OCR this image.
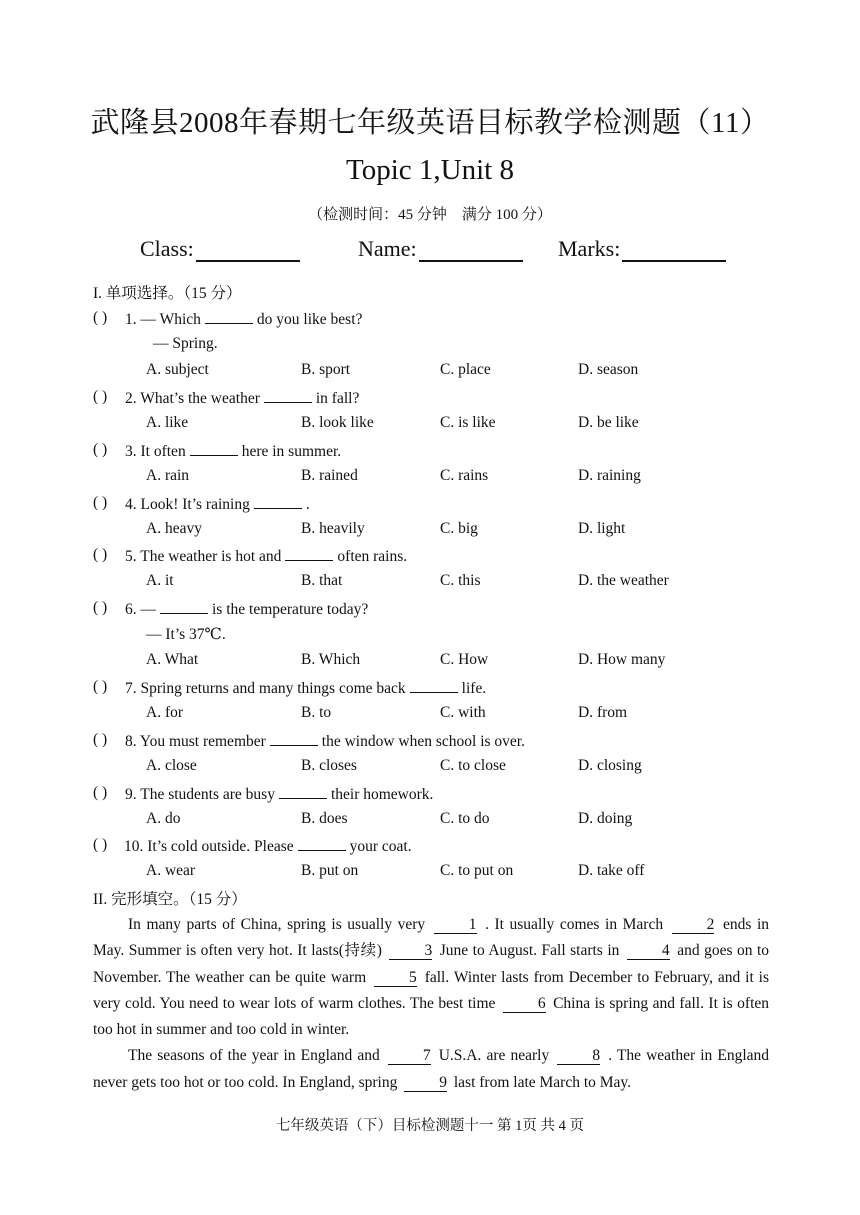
武隆县2008年春期七年级英语目标教学检测题（11）
Topic 1,Unit 8
（检测时间：45 分钟　满分 100 分）
Class:	Name:	Marks:
I. 单项选择。（15 分）
( ) 1. — Which	do you like best?
— Spring.
A. subject	B. sport	C. place	D. season
( ) 2. What’s the weather	in fall?
A. like	B. look like	C. is like	D. be like
( ) 3. It often	here in summer.
A. rain	B. rained	C. rains	D. raining
( ) 4. Look! It’s raining	.
A. heavy	B. heavily	C. big	D. light
( ) 5. The weather is hot and	often rains.
A. it	B. that	C. this	D. the weather
( ) 6. —	is the temperature today?
— It’s 37℃.
A. What	B. Which	C. How	D. How many
( ) 7. Spring returns and many things come back	life.
A. for	B. to	C. with	D. from
( ) 8. You must remember	the window when school is over.
A. close	B. closes	C. to close	D. closing
( ) 9. The students are busy	their homework.
A. do	B. does	C. to do	D. doing
( ) 10. It’s cold outside. Please	your coat.
A. wear	B. put on	C. to put on	D. take off
II. 完形填空。（15 分）

In many parts of China, spring is usually very	1 . It usually comes in March	2 ends in May. Summer is often very hot. It lasts(持续)	3 June to August. Fall starts in	4 and goes on to November. The weather can be quite warm	5 fall. Winter lasts from December to February, and it is very cold. You need to wear lots of warm clothes. The best time	6 China is spring and fall. It is often too hot in summer and too cold in winter.

The seasons of the year in England and	7 U.S.A. are nearly	8 . The weather in England never gets too hot or too cold. In England, spring	9 last from late March to May.

七年级英语（下）目标检测题十一 第 1页 共 4 页
